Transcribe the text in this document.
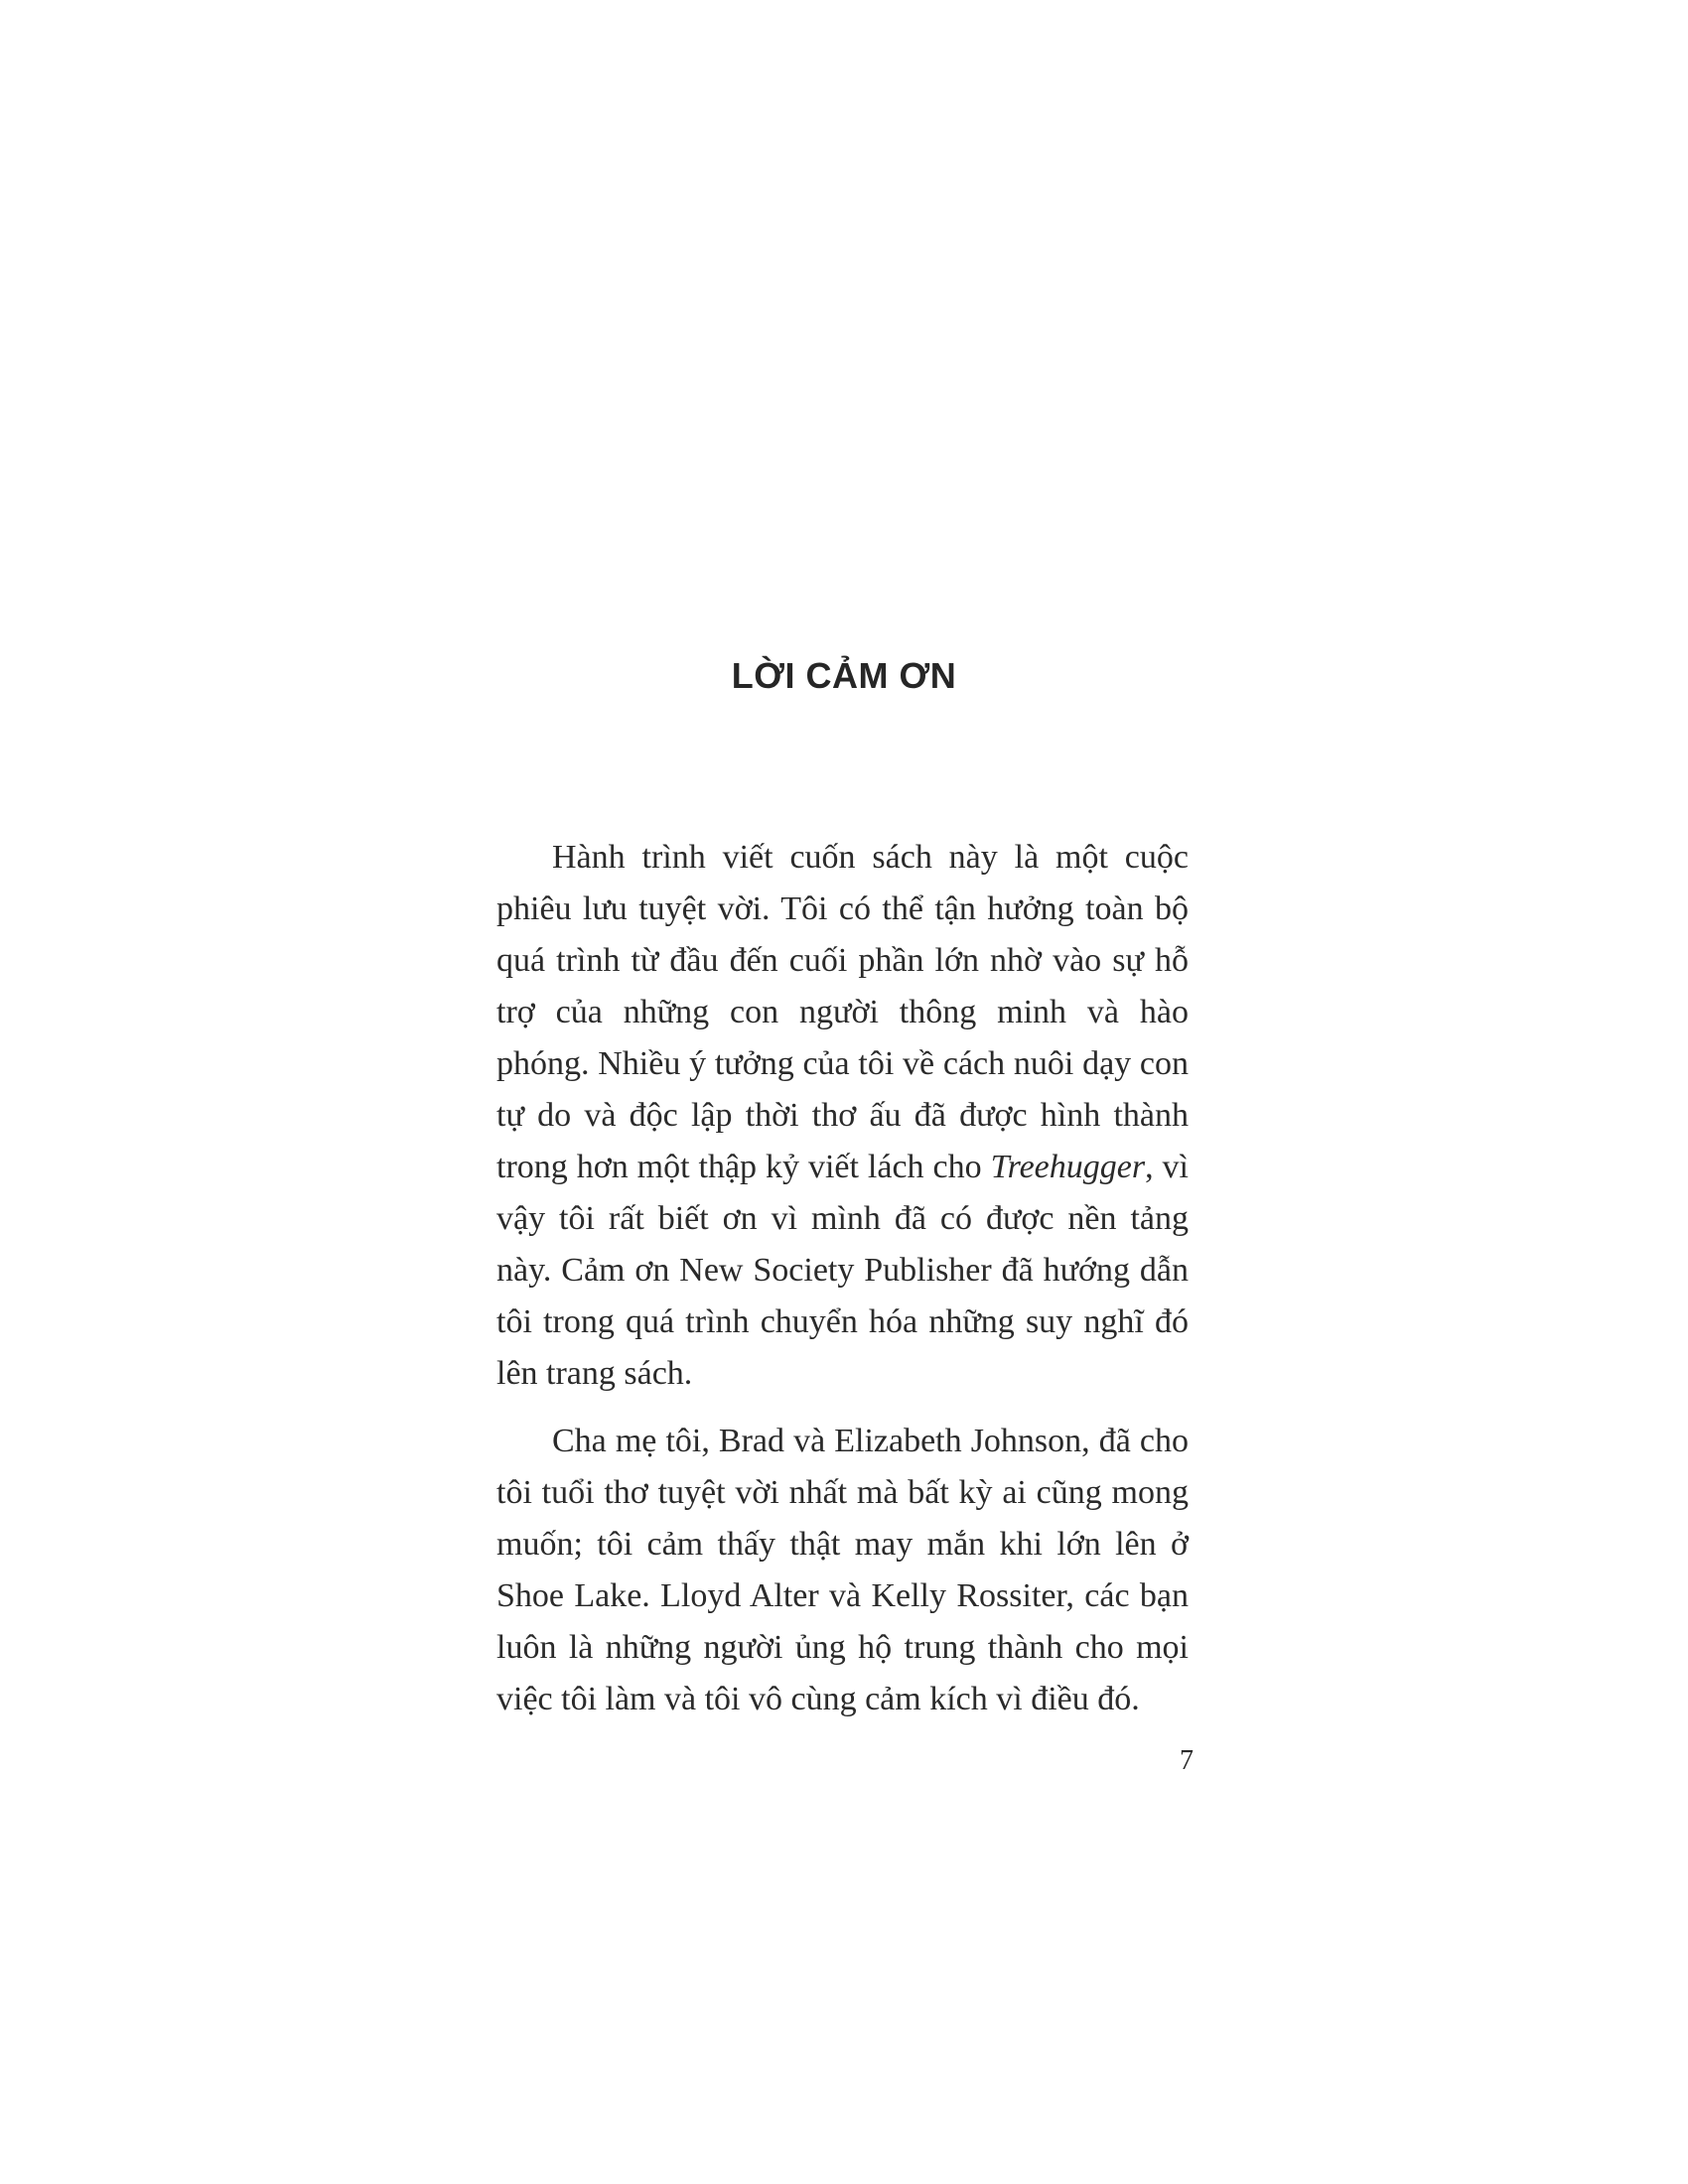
LỜI CẢM ƠN

Hành trình viết cuốn sách này là một cuộc phiêu lưu tuyệt vời. Tôi có thể tận hưởng toàn bộ quá trình từ đầu đến cuối phần lớn nhờ vào sự hỗ trợ của những con người thông minh và hào phóng. Nhiều ý tưởng của tôi về cách nuôi dạy con tự do và độc lập thời thơ ấu đã được hình thành trong hơn một thập kỷ viết lách cho Treehugger, vì vậy tôi rất biết ơn vì mình đã có được nền tảng này. Cảm ơn New Society Publisher đã hướng dẫn tôi trong quá trình chuyển hóa những suy nghĩ đó lên trang sách.

Cha mẹ tôi, Brad và Elizabeth Johnson, đã cho tôi tuổi thơ tuyệt vời nhất mà bất kỳ ai cũng mong muốn; tôi cảm thấy thật may mắn khi lớn lên ở Shoe Lake. Lloyd Alter và Kelly Rossiter, các bạn luôn là những người ủng hộ trung thành cho mọi việc tôi làm và tôi vô cùng cảm kích vì điều đó.

7
